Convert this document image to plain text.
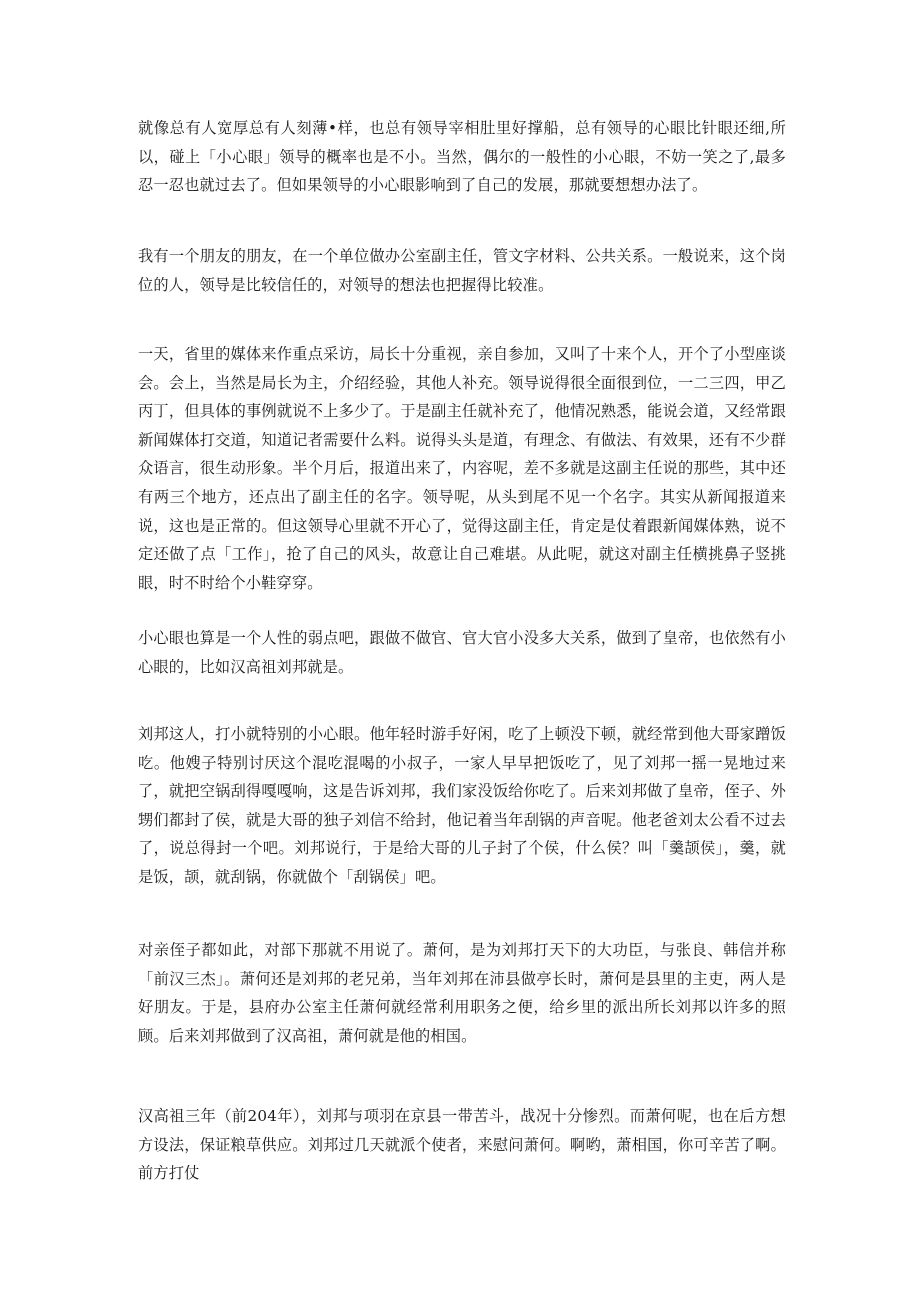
就像总有人宽厚总有人刻薄•样，也总有领导宰相肚里好撑船，总有领导的心眼比针眼还细,所以，碰上「小心眼」领导的概率也是不小。当然，偶尔的一般性的小心眼，不妨一笑之了,最多忍一忍也就过去了。但如果领导的小心眼影响到了自己的发展，那就要想想办法了。

我有一个朋友的朋友，在一个单位做办公室副主任，管文字材料、公共关系。一般说来，这个岗位的人，领导是比较信任的，对领导的想法也把握得比较准。

一天，省里的媒体来作重点采访，局长十分重视，亲自参加，又叫了十来个人，开个了小型座谈会。会上，当然是局长为主，介绍经验，其他人补充。领导说得很全面很到位，一二三四，甲乙丙丁，但具体的事例就说不上多少了。于是副主任就补充了，他情况熟悉，能说会道，又经常跟新闻媒体打交道，知道记者需要什么料。说得头头是道，有理念、有做法、有效果，还有不少群众语言，很生动形象。半个月后，报道出来了，内容呢，差不多就是这副主任说的那些，其中还有两三个地方，还点出了副主任的名字。领导呢，从头到尾不见一个名字。其实从新闻报道来说，这也是正常的。但这领导心里就不开心了，觉得这副主任，肯定是仗着跟新闻媒体熟，说不定还做了点「工作」，抢了自己的风头，故意让自己难堪。从此呢，就这对副主任横挑鼻子竖挑眼，时不时给个小鞋穿穿。

小心眼也算是一个人性的弱点吧，跟做不做官、官大官小没多大关系，做到了皇帝，也依然有小心眼的，比如汉高祖刘邦就是。

刘邦这人，打小就特别的小心眼。他年轻时游手好闲，吃了上顿没下顿，就经常到他大哥家蹭饭吃。他嫂子特别讨厌这个混吃混喝的小叔子，一家人早早把饭吃了，见了刘邦一摇一晃地过来了，就把空锅刮得嘎嘎响，这是告诉刘邦，我们家没饭给你吃了。后来刘邦做了皇帝，侄子、外甥们都封了侯，就是大哥的独子刘信不给封，他记着当年刮锅的声音呢。他老爸刘太公看不过去了，说总得封一个吧。刘邦说行，于是给大哥的儿子封了个侯，什么侯？叫「羹颉侯」，羹，就是饭，颉，就刮锅，你就做个「刮锅侯」吧。

对亲侄子都如此，对部下那就不用说了。萧何，是为刘邦打天下的大功臣，与张良、韩信并称「前汉三杰」。萧何还是刘邦的老兄弟，当年刘邦在沛县做亭长时，萧何是县里的主吏，两人是好朋友。于是，县府办公室主任萧何就经常利用职务之便，给乡里的派出所长刘邦以许多的照顾。后来刘邦做到了汉高祖，萧何就是他的相国。

汉高祖三年（前204年），刘邦与项羽在京县一带苦斗，战况十分惨烈。而萧何呢，也在后方想方设法，保证粮草供应。刘邦过几天就派个使者，来慰问萧何。啊哟，萧相国，你可辛苦了啊。前方打仗
